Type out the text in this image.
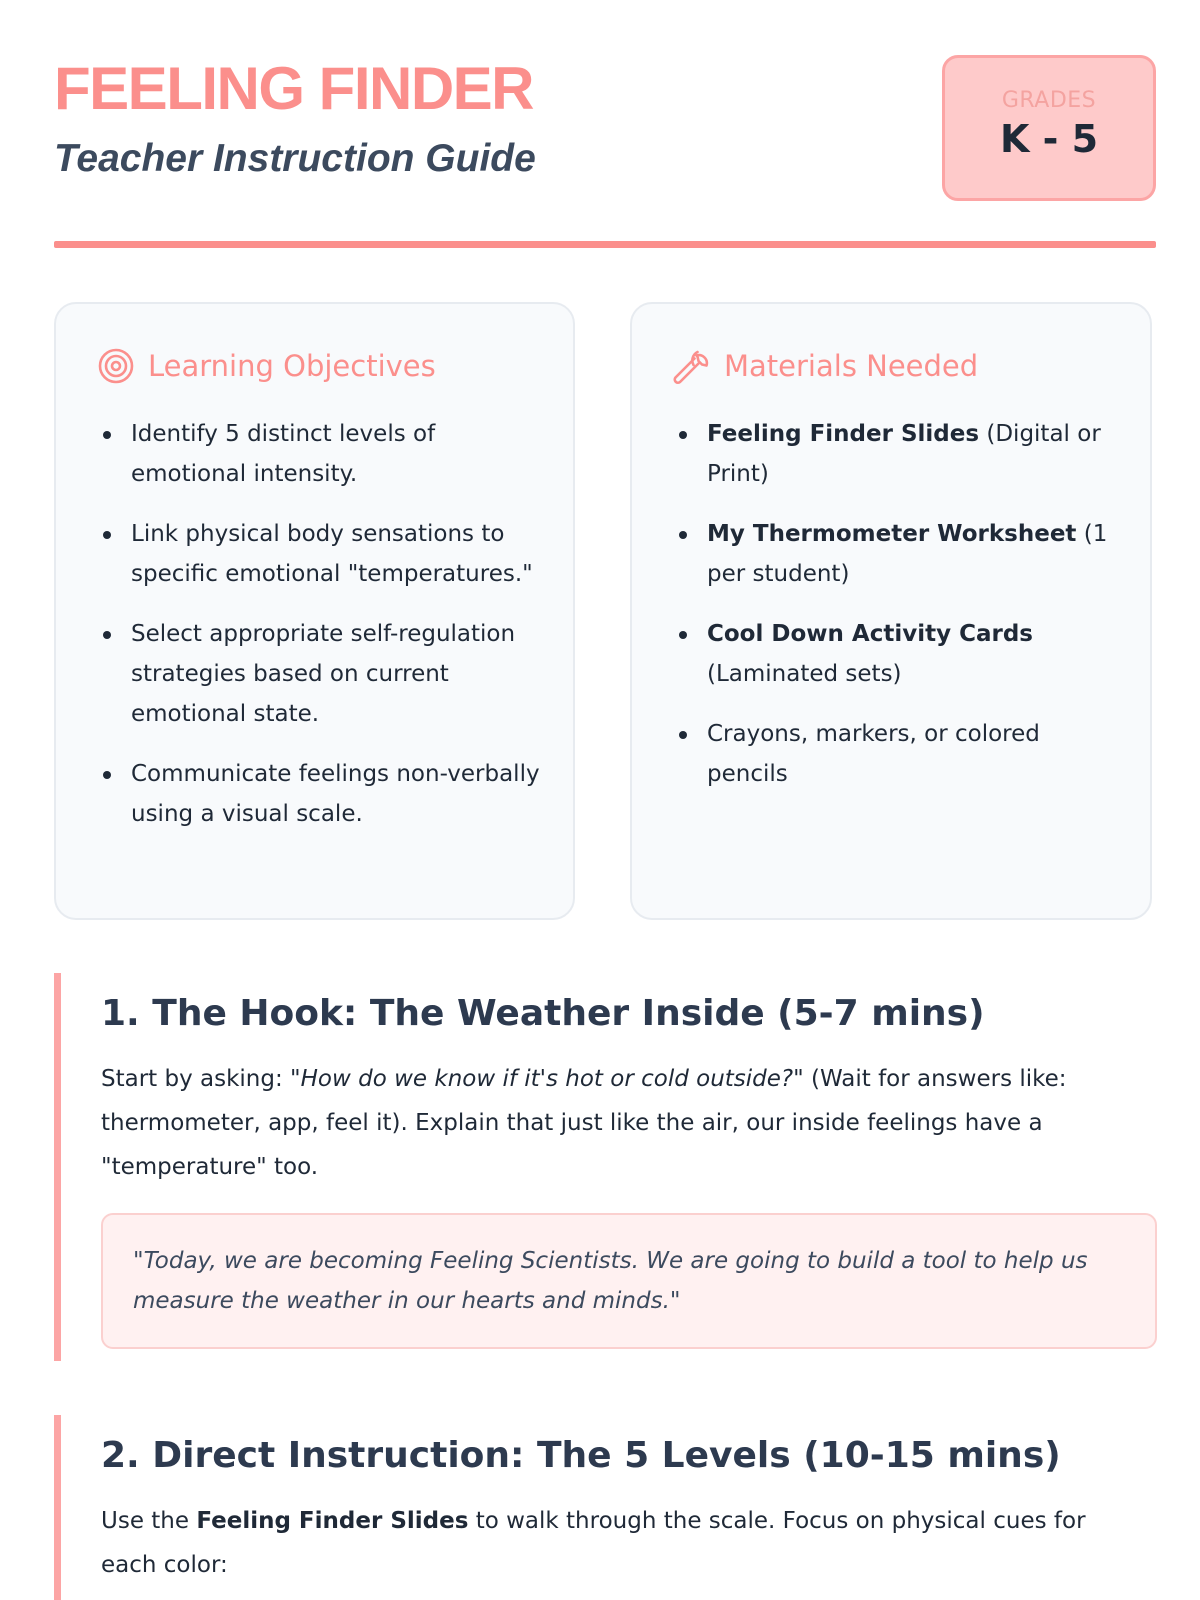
FEELING FINDER
Teacher Instruction Guide
GRADES
K - 5
Learning Objectives
Identify 5 distinct levels of emotional intensity.
Link physical body sensations to specific emotional "temperatures."
Select appropriate self-regulation strategies based on current emotional state.
Communicate feelings non-verbally using a visual scale.
Materials Needed
Feeling Finder Slides (Digital or Print)
My Thermometer Worksheet (1 per student)
Cool Down Activity Cards (Laminated sets)
Crayons, markers, or colored pencils
1. The Hook: The Weather Inside (5-7 mins)

Start by asking: "How do we know if it's hot or cold outside?" (Wait for answers like: thermometer, app, feel it). Explain that just like the air, our inside feelings have a "temperature" too.

"Today, we are becoming Feeling Scientists. We are going to build a tool to help us measure the weather in our hearts and minds."
2. Direct Instruction: The 5 Levels (10-15 mins)

Use the Feeling Finder Slides to walk through the scale. Focus on physical cues for each color:
